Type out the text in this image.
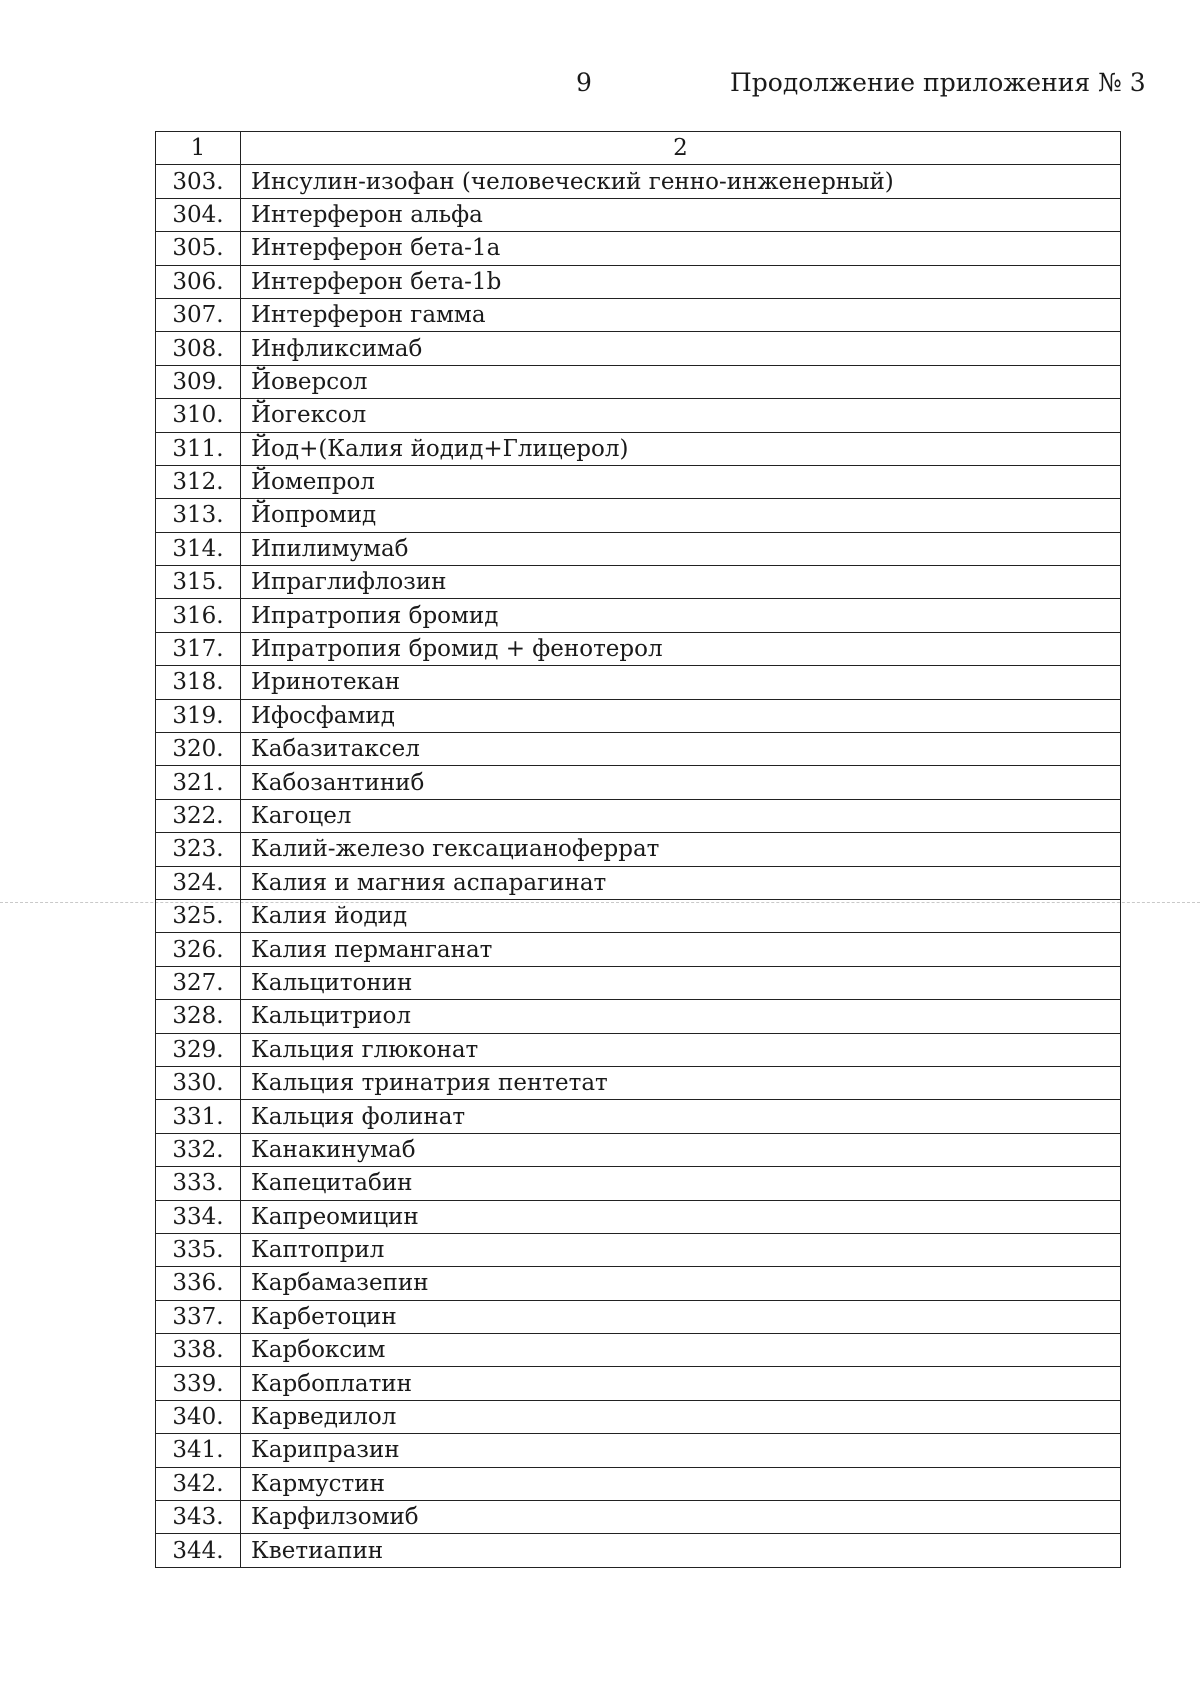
9	Продолжение приложения № 3
1	2
303.	Инсулин-изофан (человеческий генно-инженерный)
304.	Интерферон альфа
305.	Интерферон бета-1a
306.	Интерферон бета-1b
307.	Интерферон гамма
308.	Инфликсимаб
309.	Йоверсол
310.	Йогексол
311.	Йод+(Калия йодид+Глицерол)
312.	Йомепрол
313.	Йопромид
314.	Ипилимумаб
315.	Ипраглифлозин
316.	Ипратропия бромид
317.	Ипратропия бромид + фенотерол
318.	Иринотекан
319.	Ифосфамид
320.	Кабазитаксел
321.	Кабозантиниб
322.	Кагоцел
323.	Калий-железо гексацианоферрат
324.	Калия и магния аспарагинат
325.	Калия йодид
326.	Калия перманганат
327.	Кальцитонин
328.	Кальцитриол
329.	Кальция глюконат
330.	Кальция тринатрия пентетат
331.	Кальция фолинат
332.	Канакинумаб
333.	Капецитабин
334.	Капреомицин
335.	Каптоприл
336.	Карбамазепин
337.	Карбетоцин
338.	Карбоксим
339.	Карбоплатин
340.	Карведилол
341.	Карипразин
342.	Кармустин
343.	Карфилзомиб
344.	Кветиапин
